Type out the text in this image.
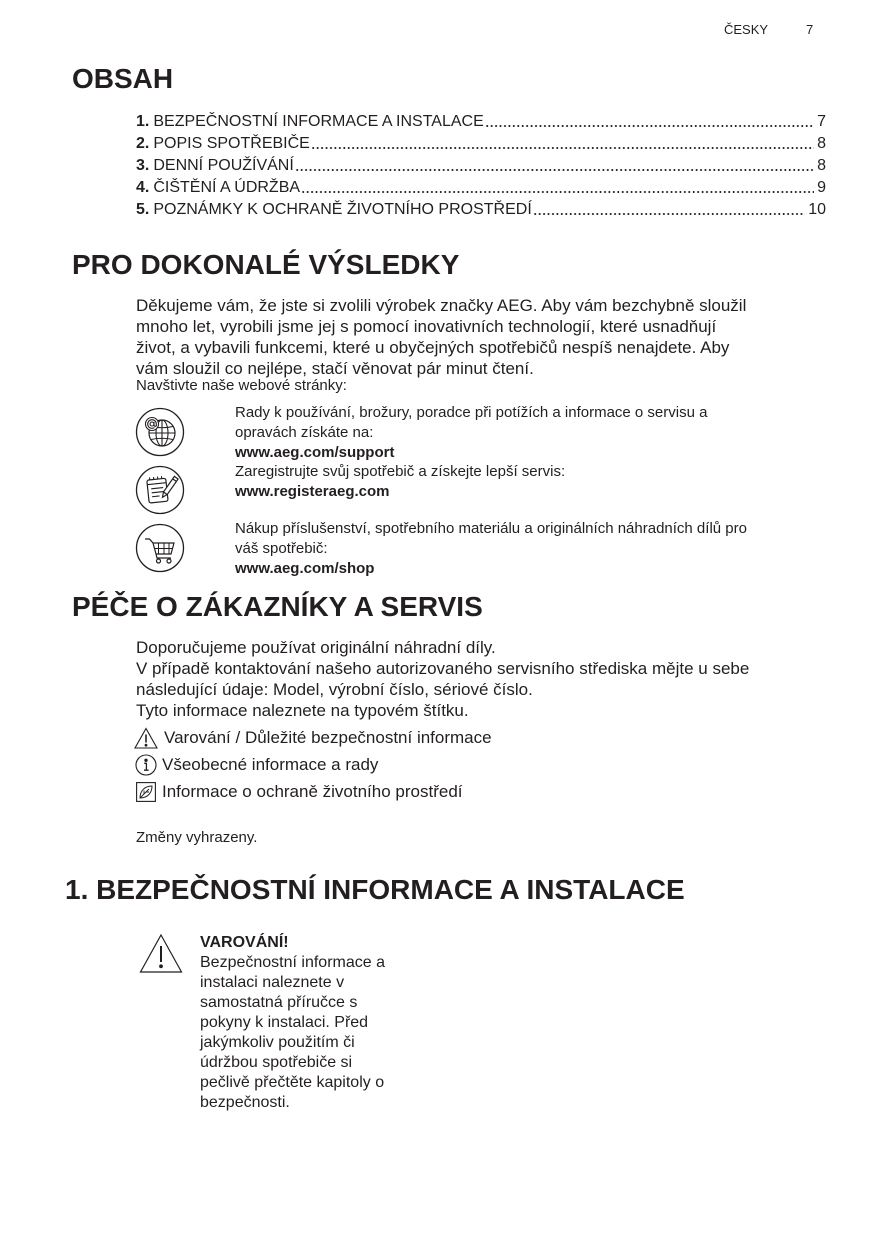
ČESKY	7
OBSAH
1. BEZPEČNOSTNÍ INFORMACE A INSTALACE	7
2. POPIS SPOTŘEBIČE	8
3. DENNÍ POUŽÍVÁNÍ	8
4. ČIŠTĚNÍ A ÚDRŽBA	9
5. POZNÁMKY K OCHRANĚ ŽIVOTNÍHO PROSTŘEDÍ	10
PRO DOKONALÉ VÝSLEDKY
Děkujeme vám, že jste si zvolili výrobek značky AEG. Aby vám bezchybně sloužil
mnoho let, vyrobili jsme jej s pomocí inovativních technologií, které usnadňují
život, a vybavili funkcemi, které u obyčejných spotřebičů nespíš nenajdete. Aby
vám sloužil co nejlépe, stačí věnovat pár minut čtení.
Navštivte naše webové stránky:
Rady k používání, brožury, poradce při potížích a informace o servisu a
opravách získáte na:
www.aeg.com/support
Zaregistrujte svůj spotřebič a získejte lepší servis:
www.registeraeg.com
Nákup příslušenství, spotřebního materiálu a originálních náhradních dílů pro
váš spotřebič:
www.aeg.com/shop
PÉČE O ZÁKAZNÍKY A SERVIS
Doporučujeme používat originální náhradní díly.
V případě kontaktování našeho autorizovaného servisního střediska mějte u sebe
následující údaje: Model, výrobní číslo, sériové číslo.
Tyto informace naleznete na typovém štítku.
Varování / Důležité bezpečnostní informace
Všeobecné informace a rady
Informace o ochraně životního prostředí
Změny vyhrazeny.
1. BEZPEČNOSTNÍ INFORMACE A INSTALACE
VAROVÁNÍ!
Bezpečnostní informace a
instalaci naleznete v
samostatná příručce s
pokyny k instalaci. Před
jakýmkoliv použitím či
údržbou spotřebiče si
pečlivě přečtěte kapitoly o
bezpečnosti.
